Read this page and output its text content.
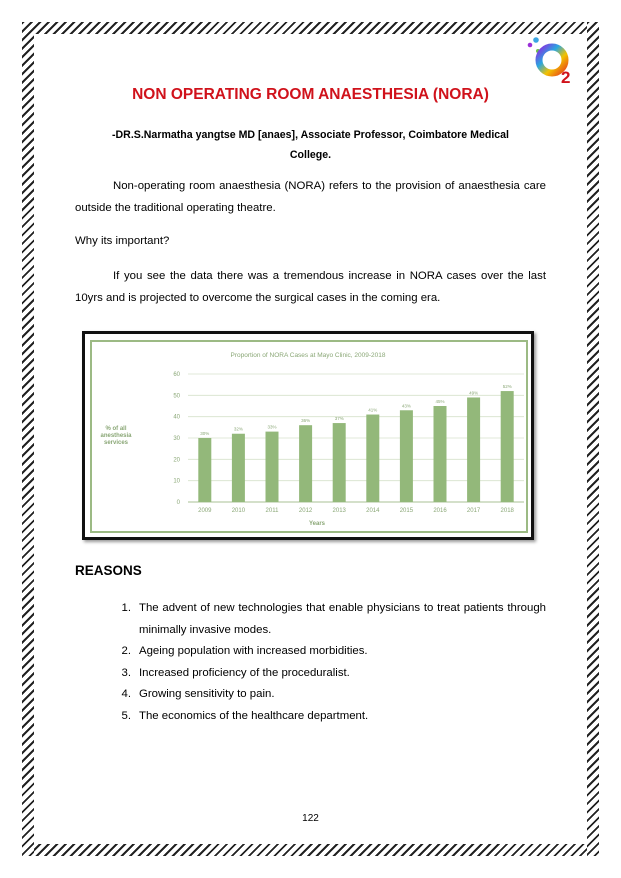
2
NON OPERATING ROOM ANAESTHESIA (NORA)
-DR.S.Narmatha yangtse MD [anaes], Associate Professor, Coimbatore Medical College.

Non-operating room anaesthesia (NORA) refers to the provision of anaesthesia care outside the traditional operating theatre.

Why its important?

If you see the data there was a tremendous increase in NORA cases over the last 10yrs and is projected to overcome the surgical cases in the coming era.

Proportion of NORA Cases at Mayo Clinic, 2009-2018
% of all anesthesia services
Years
0
10
20
30
40
50
60
30%
32%	33%
36%	37%
41%
43%
45%
49%
52%
2009	2010	2011	2012	2013	2014	2015	2016	2017	2018
REASONS
1. The advent of new technologies that enable physicians to treat patients through minimally invasive modes.
2. Ageing population with increased morbidities.
3. Increased proficiency of the proceduralist.
4. Growing sensitivity to pain.
5. The economics of the healthcare department.
122
